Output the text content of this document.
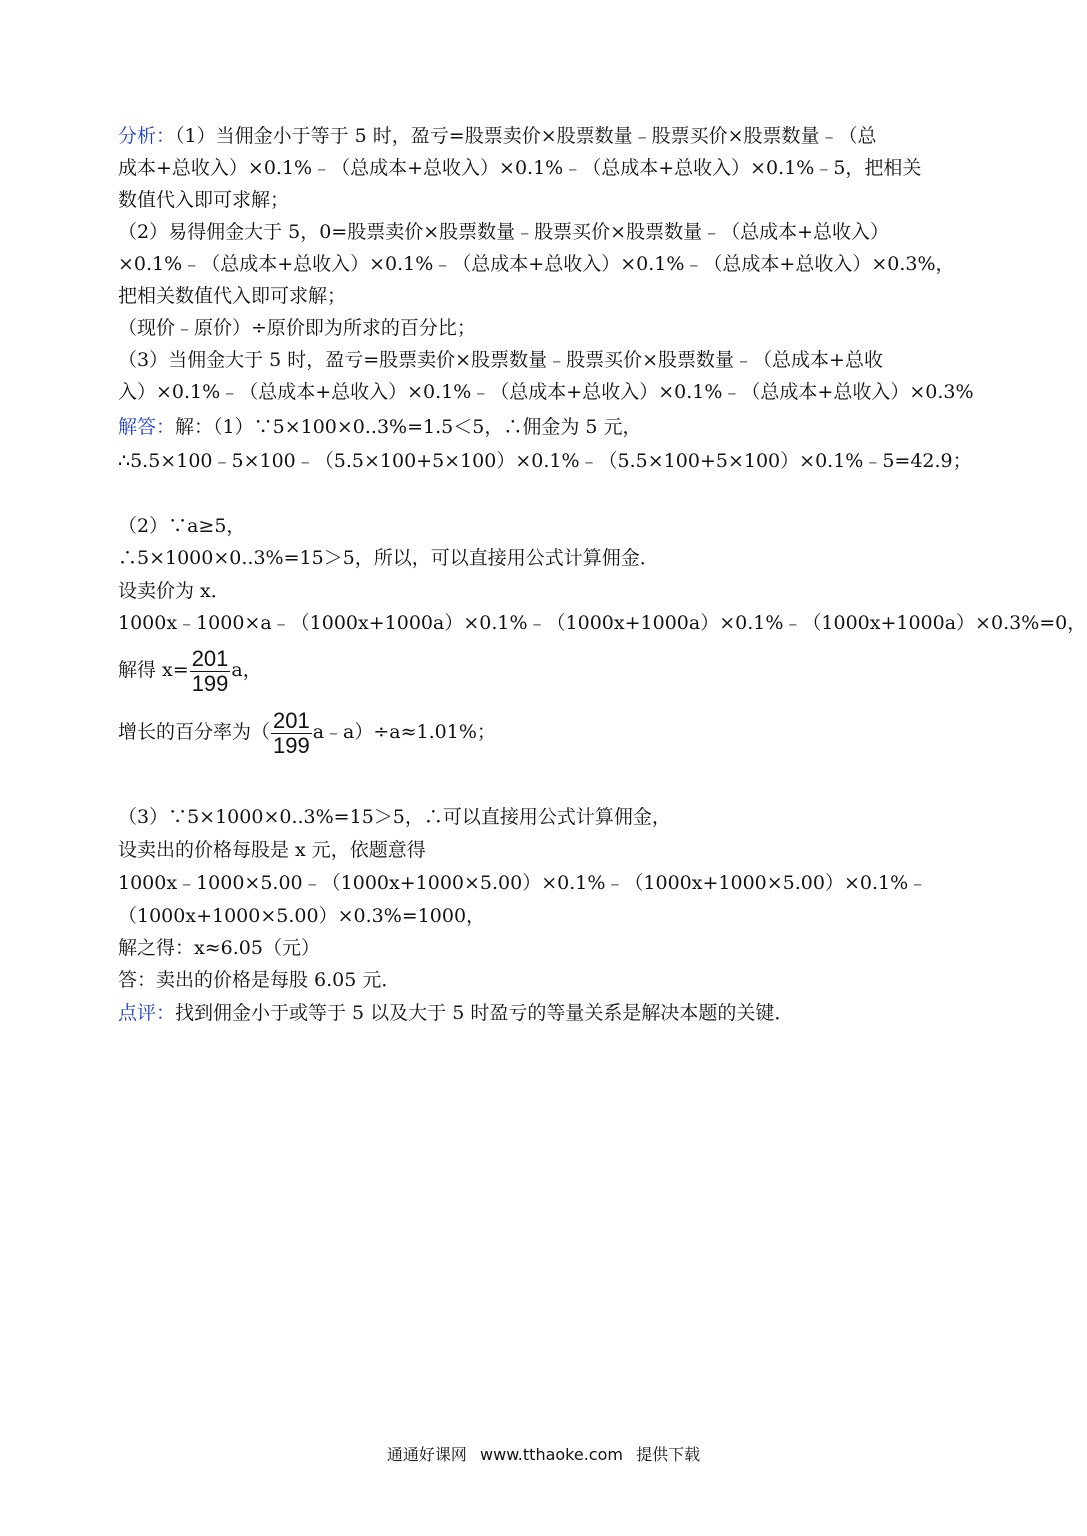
分析：（1）当佣金小于等于 5 时，盈亏=股票卖价×股票数量﹣股票买价×股票数量﹣（总
成本+总收入）×0.1%﹣（总成本+总收入）×0.1%﹣（总成本+总收入）×0.1%﹣5，把相关
数值代入即可求解；
（2）易得佣金大于 5，0=股票卖价×股票数量﹣股票买价×股票数量﹣（总成本+总收入）
×0.1%﹣（总成本+总收入）×0.1%﹣（总成本+总收入）×0.1%﹣（总成本+总收入）×0.3%，
把相关数值代入即可求解；
（现价﹣原价）÷原价即为所求的百分比；
（3）当佣金大于 5 时，盈亏=股票卖价×股票数量﹣股票买价×股票数量﹣（总成本+总收
入）×0.1%﹣（总成本+总收入）×0.1%﹣（总成本+总收入）×0.1%﹣（总成本+总收入）×0.3%
解答：解：（1）∵5×100×0..3%=1.5＜5，∴佣金为 5 元，
∴5.5×100﹣5×100﹣（5.5×100+5×100）×0.1%﹣（5.5×100+5×100）×0.1%﹣5=42.9；
（2）∵a≥5，
∴5×1000×0..3%=15＞5，所以，可以直接用公式计算佣金．
设卖价为 x．
1000x﹣1000×a﹣（1000x+1000a）×0.1%﹣（1000x+1000a）×0.1%﹣（1000x+1000a）×0.3%=0，
解得 $x= \frac{201}{199}$ a，
增长的百分率为（ $\frac{201}{199}$ a﹣a）÷a≈1.01%；
（3）∵5×1000×0..3%=15＞5，∴可以直接用公式计算佣金，
设卖出的价格每股是 x 元，依题意得
1000x﹣1000×5.00﹣（1000x+1000×5.00）×0.1%﹣（1000x+1000×5.00）×0.1%﹣
（1000x+1000×5.00）×0.3%=1000，
解之得：x≈6.05（元）
答：卖出的价格是每股 6.05 元．
点评：找到佣金小于或等于 5 以及大于 5 时盈亏的等量关系是解决本题的关键．
通通好课网 www.tthaoke.com 提供下载
